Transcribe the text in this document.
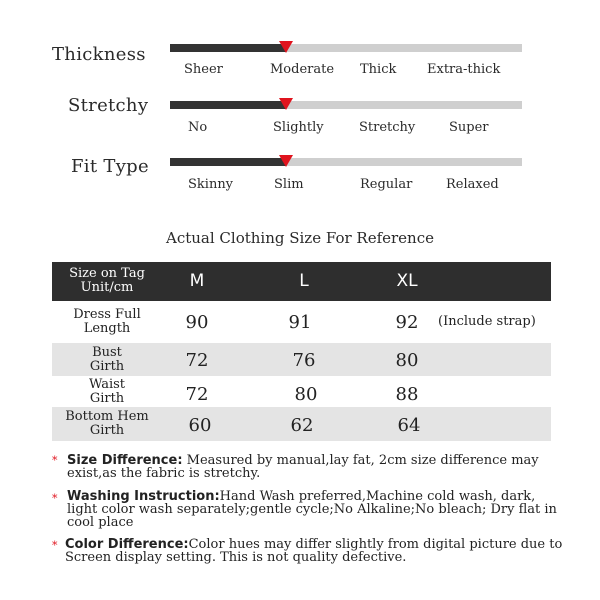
Thickness
Sheer	Moderate Thick Extra-thick
Stretchy
No	Slightly	Stretchy	Super
Fit Type
Skinny	Slim	Regular	Relaxed
Actual Clothing Size For Reference
Size on Tag
Unit/cm	M	L	XL
Dress Full
Length	90	91	92	(Include strap)
Bust
Girth	72	76	80
Waist
Girth	72	80	88
Bottom Hem
Girth	60	62	64
* Size Difference: Measured by manual,lay fat, 2cm size difference may exist,as the fabric is stretchy.
* Washing Instruction:Hand Wash preferred,Machine cold wash, dark, light color wash separately;gentle cycle;No Alkaline;No bleach; Dry flat in cool place
* Color Difference:Color hues may differ slightly from digital picture due to Screen display setting. This is not quality defective.
